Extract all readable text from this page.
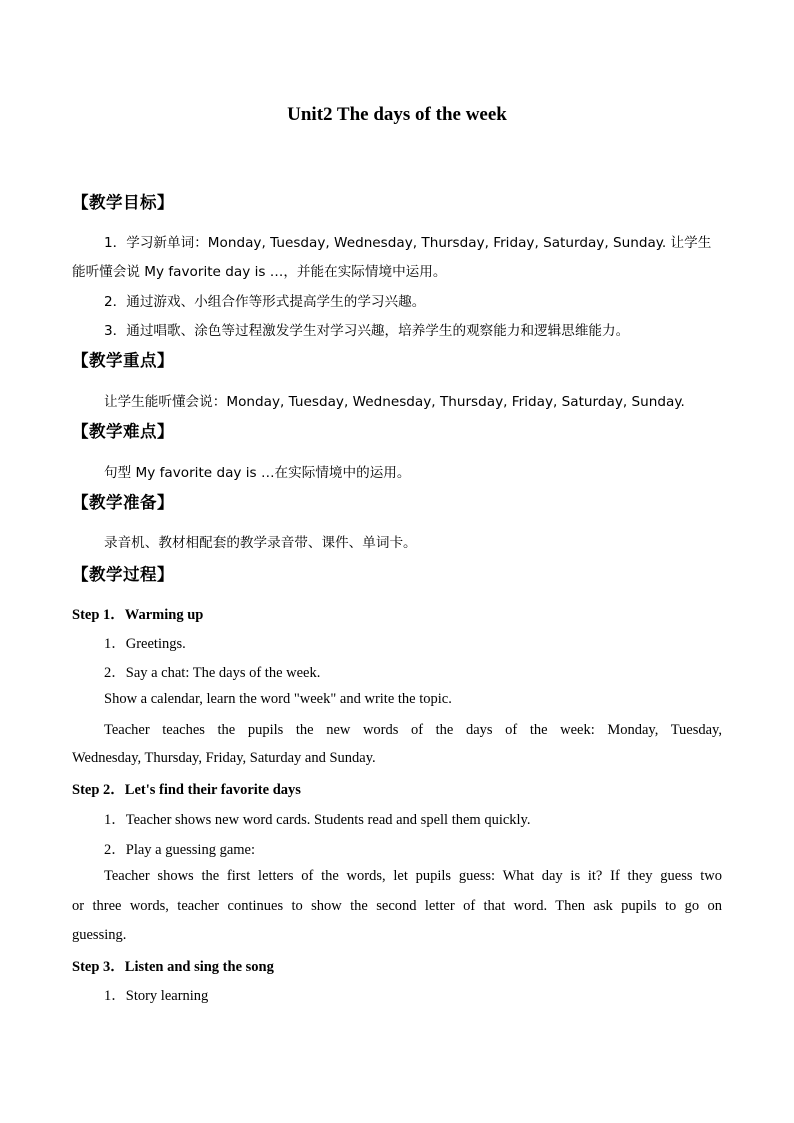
Unit2 The days of the week
【教学目标】
1．学习新单词：Monday, Tuesday, Wednesday, Thursday, Friday, Saturday, Sunday. 让学生
能听懂会说 My favorite day is …，并能在实际情境中运用。
2．通过游戏、小组合作等形式提高学生的学习兴趣。
3．通过唱歌、涂色等过程激发学生对学习兴趣，培养学生的观察能力和逻辑思维能力。
【教学重点】
让学生能听懂会说：Monday, Tuesday, Wednesday, Thursday, Friday, Saturday, Sunday.
【教学难点】
句型 My favorite day is …在实际情境中的运用。
【教学准备】
录音机、教材相配套的教学录音带、课件、单词卡。
【教学过程】
Step 1．Warming up
1．Greetings.
2．Say a chat: The days of the week.
Show a calendar, learn the word "week" and write the topic.
Teacher teaches the pupils the new words of the days of the week: Monday, Tuesday,
Wednesday, Thursday, Friday, Saturday and Sunday.
Step 2．Let's find their favorite days
1．Teacher shows new word cards. Students read and spell them quickly.
2．Play a guessing game:
Teacher shows the first letters of the words, let pupils guess: What day is it? If they guess two
or three words, teacher continues to show the second letter of that word. Then ask pupils to go on
guessing.
Step 3．Listen and sing the song
1．Story learning
